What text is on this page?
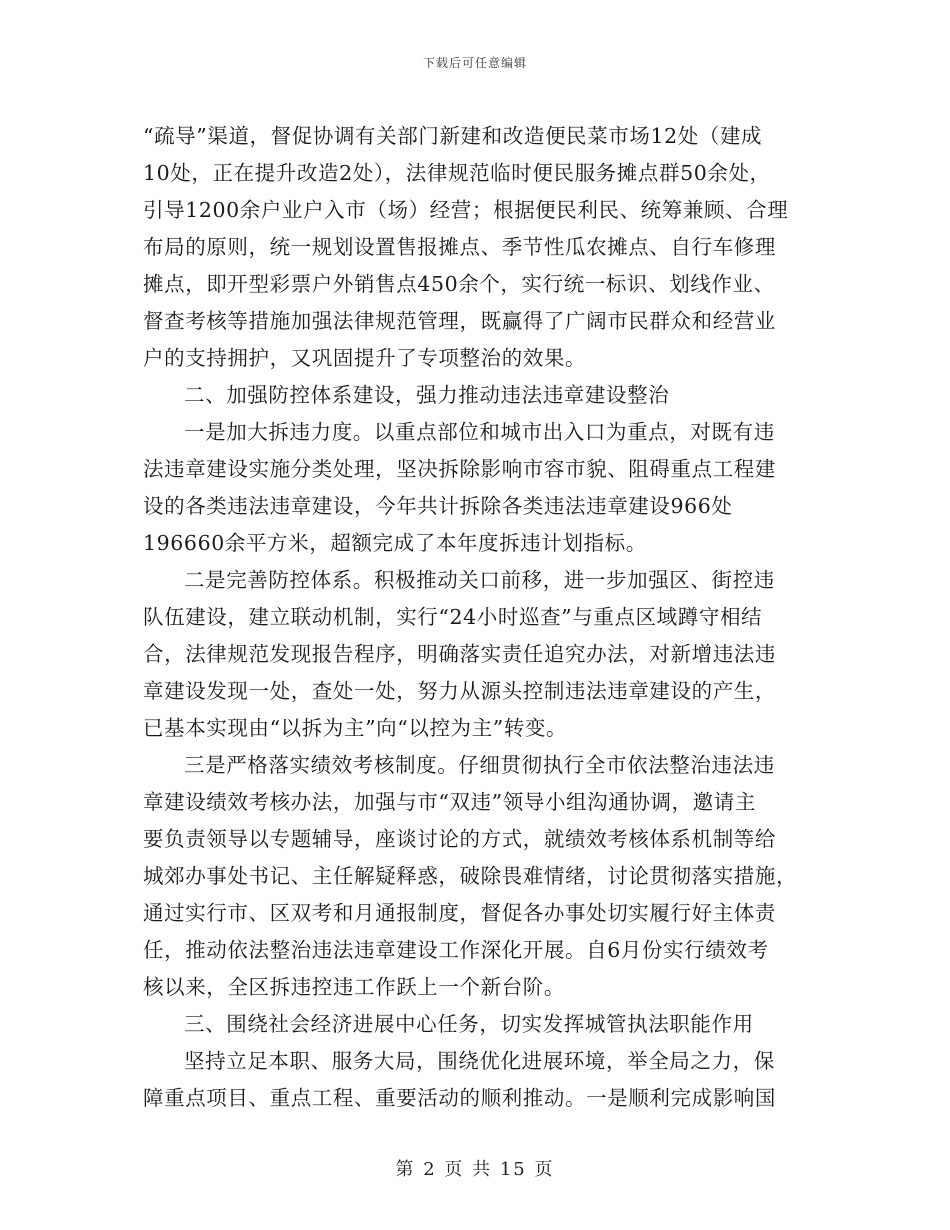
下载后可任意编辑
“疏导”渠道，督促协调有关部门新建和改造便民菜市场12处（建成
10处，正在提升改造2处），法律规范临时便民服务摊点群50余处，
引导1200余户业户入市（场）经营；根据便民利民、统筹兼顾、合理
布局的原则，统一规划设置售报摊点、季节性瓜农摊点、自行车修理
摊点，即开型彩票户外销售点450余个，实行统一标识、划线作业、
督查考核等措施加强法律规范管理，既赢得了广阔市民群众和经营业
户的支持拥护，又巩固提升了专项整治的效果。
二、加强防控体系建设，强力推动违法违章建设整治
一是加大拆违力度。以重点部位和城市出入口为重点，对既有违
法违章建设实施分类处理，坚决拆除影响市容市貌、阻碍重点工程建
设的各类违法违章建设，今年共计拆除各类违法违章建设966处
196660余平方米，超额完成了本年度拆违计划指标。
二是完善防控体系。积极推动关口前移，进一步加强区、街控违
队伍建设，建立联动机制，实行“24小时巡查”与重点区域蹲守相结
合，法律规范发现报告程序，明确落实责任追究办法，对新增违法违
章建设发现一处，查处一处，努力从源头控制违法违章建设的产生，
已基本实现由“以拆为主”向“以控为主”转变。
三是严格落实绩效考核制度。仔细贯彻执行全市依法整治违法违
章建设绩效考核办法，加强与市“双违”领导小组沟通协调，邀请主
要负责领导以专题辅导，座谈讨论的方式，就绩效考核体系机制等给
城郊办事处书记、主任解疑释惑，破除畏难情绪，讨论贯彻落实措施，
通过实行市、区双考和月通报制度，督促各办事处切实履行好主体责
任，推动依法整治违法违章建设工作深化开展。自6月份实行绩效考
核以来，全区拆违控违工作跃上一个新台阶。
三、围绕社会经济进展中心任务，切实发挥城管执法职能作用
坚持立足本职、服务大局，围绕优化进展环境，举全局之力，保
障重点项目、重点工程、重要活动的顺利推动。一是顺利完成影响国
第 2 页 共 15 页
